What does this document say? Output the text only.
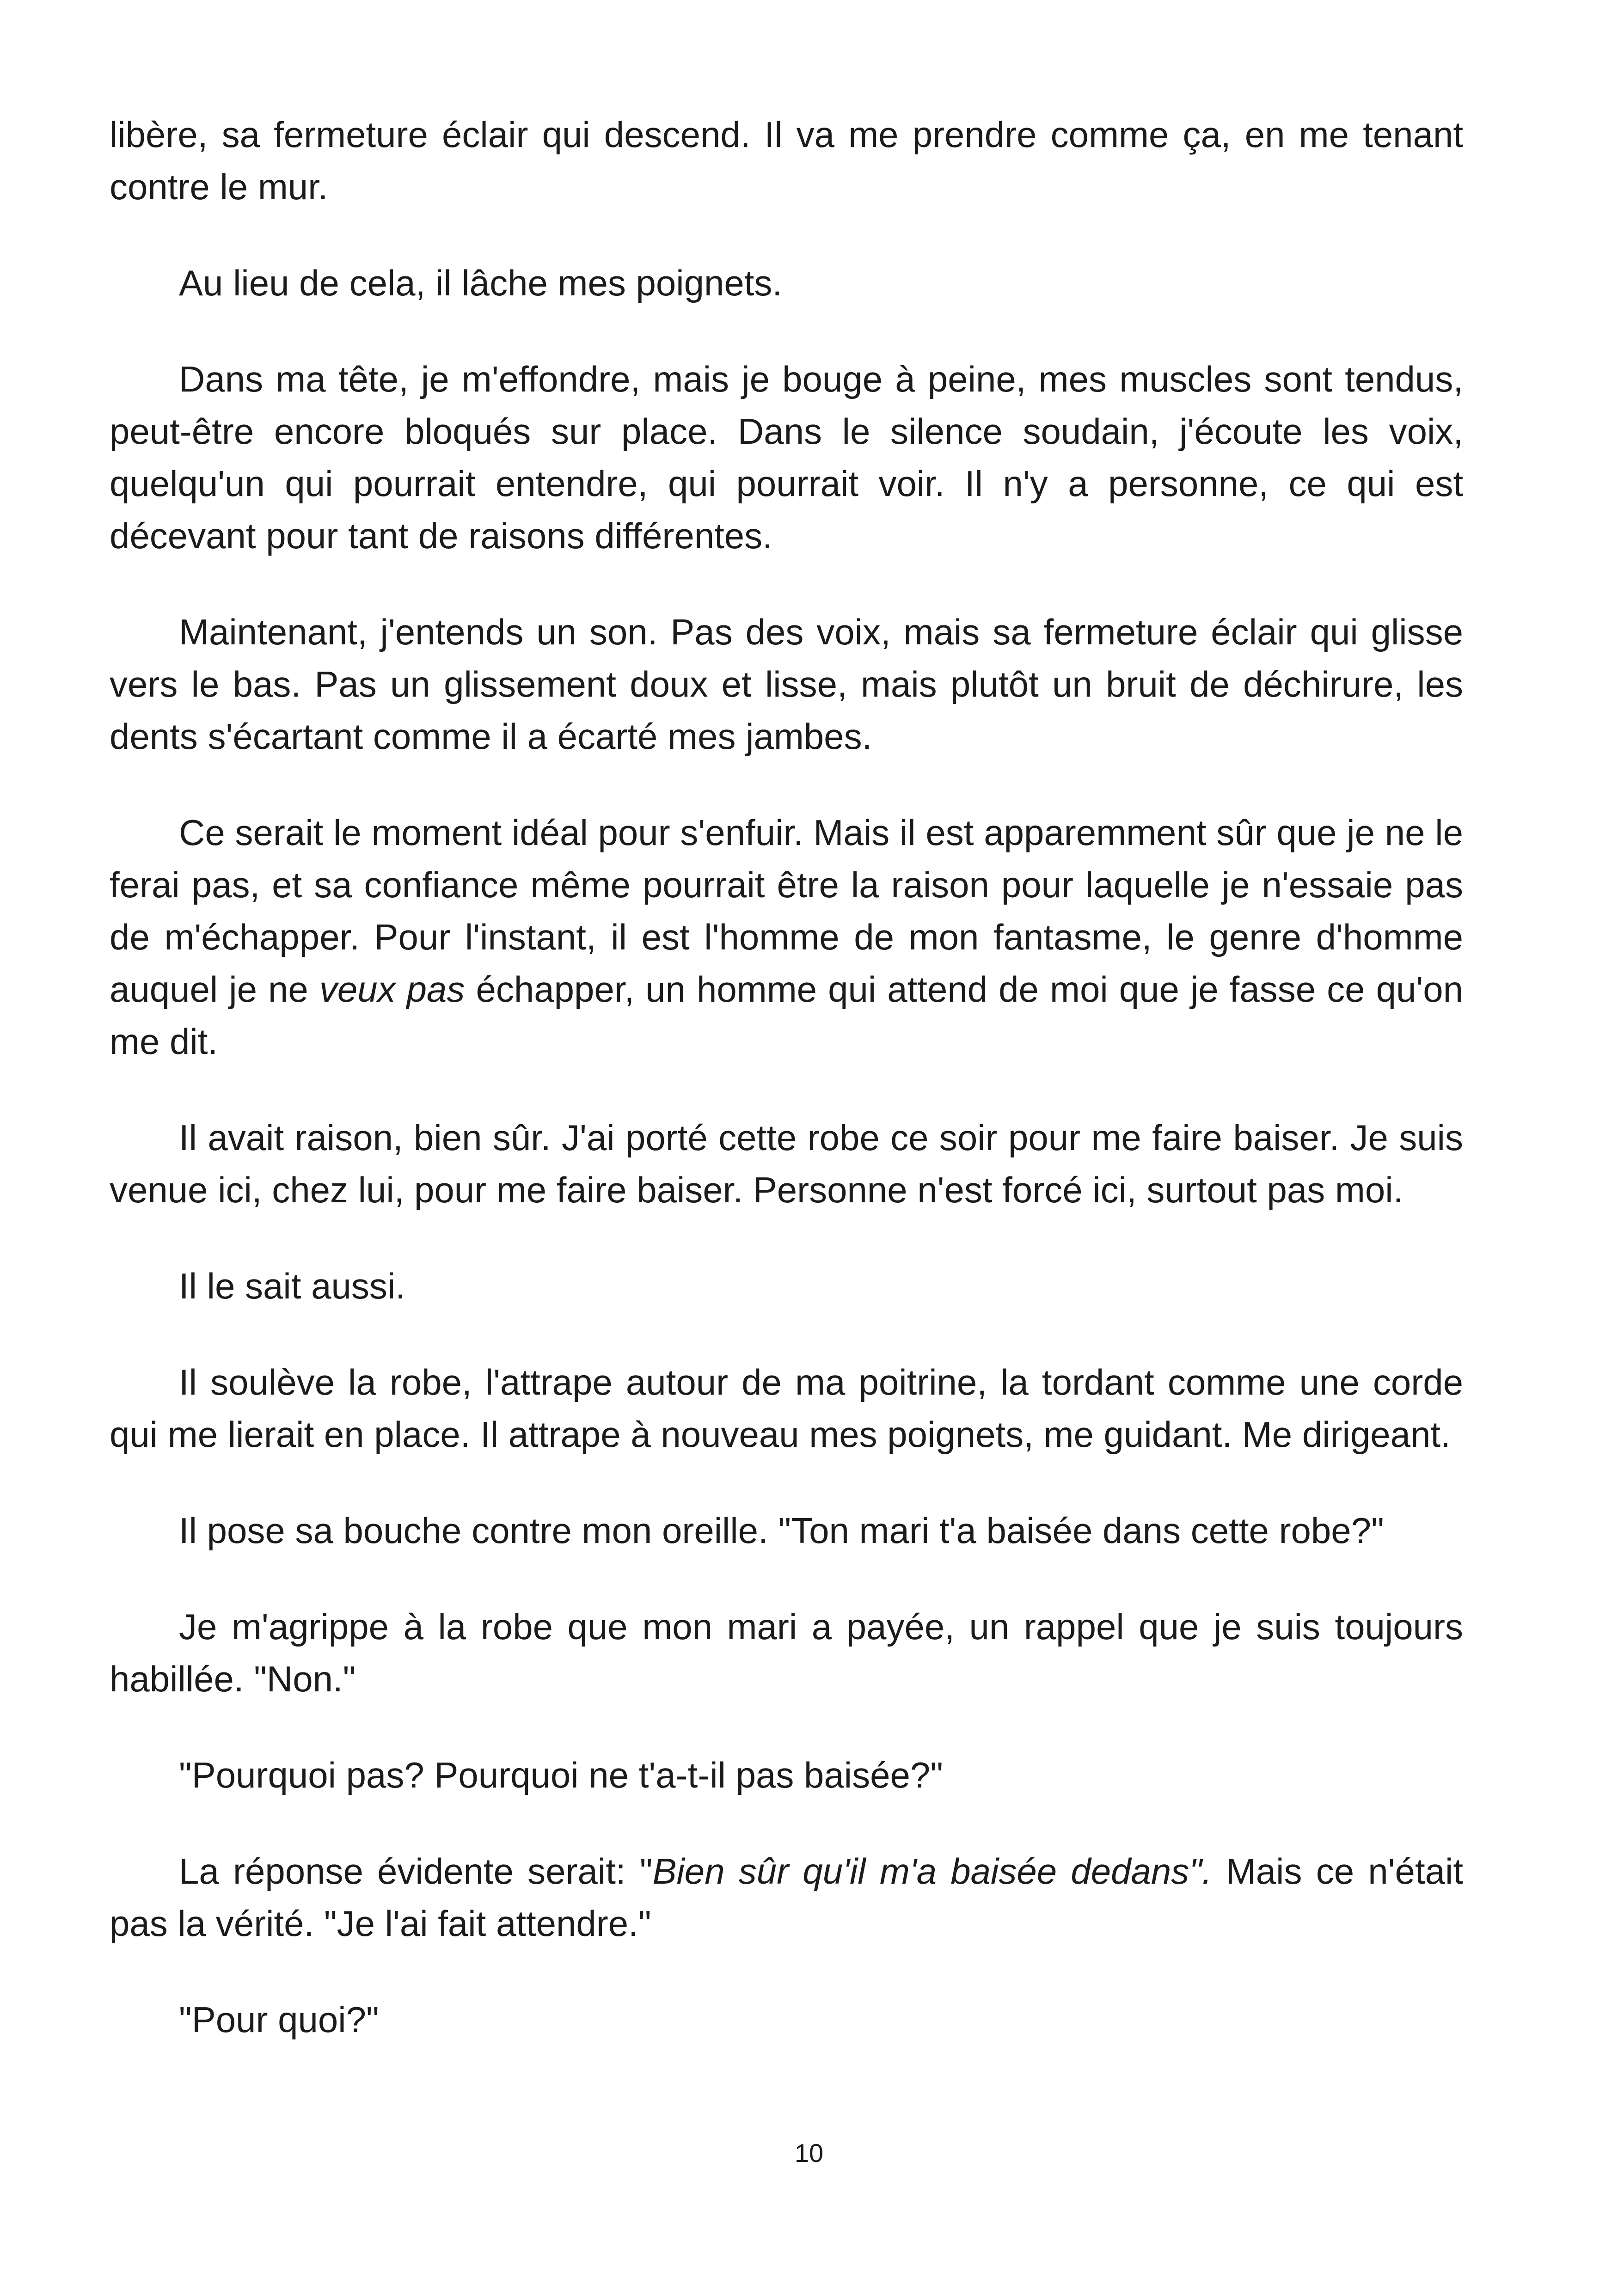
libère, sa fermeture éclair qui descend. Il va me prendre comme ça, en me tenant contre le mur.

Au lieu de cela, il lâche mes poignets.

Dans ma tête, je m'effondre, mais je bouge à peine, mes muscles sont tendus, peut-être encore bloqués sur place. Dans le silence soudain, j'écoute les voix, quelqu'un qui pourrait entendre, qui pourrait voir. Il n'y a personne, ce qui est décevant pour tant de raisons différentes.

Maintenant, j'entends un son. Pas des voix, mais sa fermeture éclair qui glisse vers le bas. Pas un glissement doux et lisse, mais plutôt un bruit de déchirure, les dents s'écartant comme il a écarté mes jambes.

Ce serait le moment idéal pour s'enfuir. Mais il est apparemment sûr que je ne le ferai pas, et sa confiance même pourrait être la raison pour laquelle je n'essaie pas de m'échapper. Pour l'instant, il est l'homme de mon fantasme, le genre d'homme auquel je ne veux pas échapper, un homme qui attend de moi que je fasse ce qu'on me dit.

Il avait raison, bien sûr. J'ai porté cette robe ce soir pour me faire baiser. Je suis venue ici, chez lui, pour me faire baiser. Personne n'est forcé ici, surtout pas moi.

Il le sait aussi.

Il soulève la robe, l'attrape autour de ma poitrine, la tordant comme une corde qui me lierait en place. Il attrape à nouveau mes poignets, me guidant. Me dirigeant.

Il pose sa bouche contre mon oreille. "Ton mari t'a baisée dans cette robe?"

Je m'agrippe à la robe que mon mari a payée, un rappel que je suis toujours habillée. "Non."

"Pourquoi pas? Pourquoi ne t'a-t-il pas baisée?"

La réponse évidente serait: "Bien sûr qu'il m'a baisée dedans". Mais ce n'était pas la vérité. "Je l'ai fait attendre."

"Pour quoi?"

10
